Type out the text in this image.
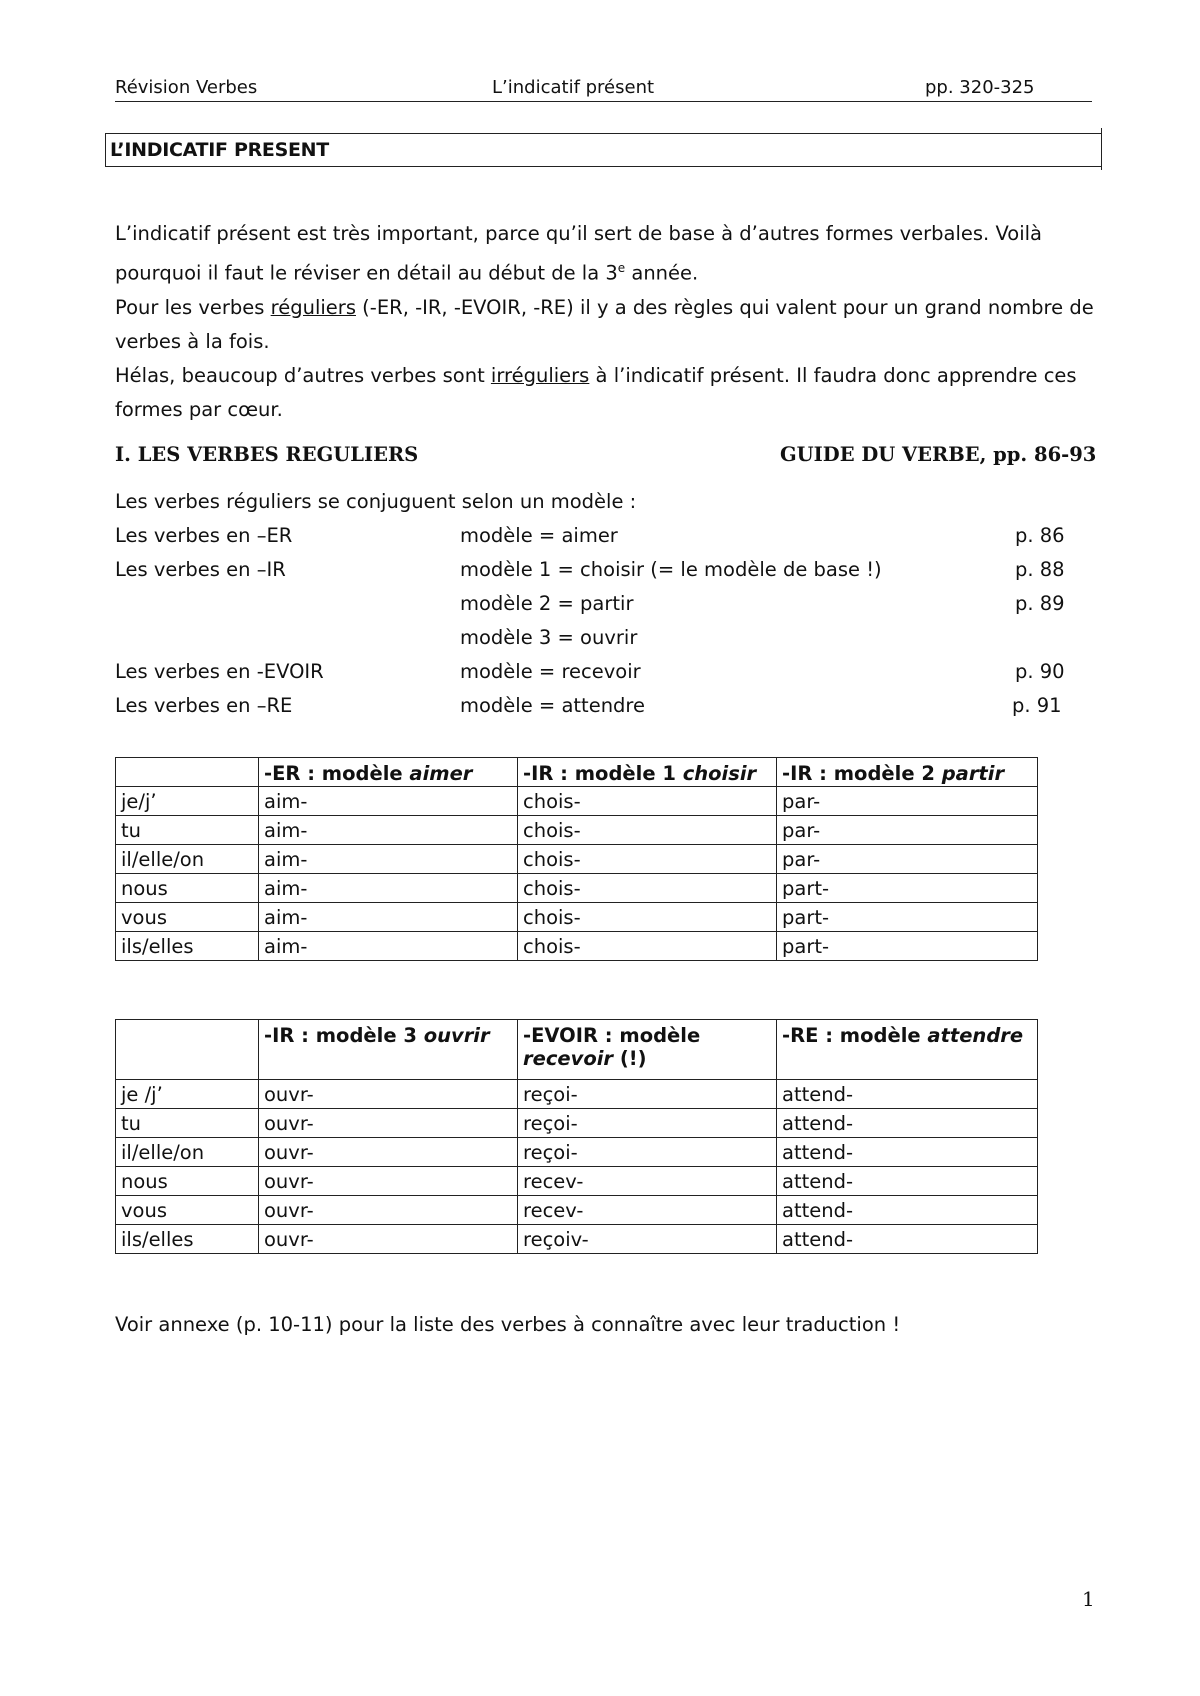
Révision Verbes	L’indicatif présent	pp. 320-325
L’INDICATIF PRESENT
L’indicatif présent est très important, parce qu’il sert de base à d’autres formes verbales. Voilà
pourquoi il faut le réviser en détail au début de la 3e année.
Pour les verbes réguliers (-ER, -IR, -EVOIR, -RE) il y a des règles qui valent pour un grand nombre de
verbes à la fois.
Hélas, beaucoup d’autres verbes sont irréguliers à l’indicatif présent. Il faudra donc apprendre ces
formes par cœur.
I. LES VERBES REGULIERS	GUIDE DU VERBE, pp. 86-93
Les verbes réguliers se conjuguent selon un modèle :
Les verbes en –ER	modèle = aimer	p. 86
Les verbes en –IR	modèle 1 = choisir (= le modèle de base !)	p. 88
modèle 2 = partir	p. 89
modèle 3 = ouvrir
Les verbes en -EVOIR	modèle = recevoir	p. 90
Les verbes en –RE	modèle = attendre	p. 91
	-ER : modèle aimer	-IR : modèle 1 choisir	-IR : modèle 2 partir
je/j’	aim-	chois-	par-
tu	aim-	chois-	par-
il/elle/on	aim-	chois-	par-
nous	aim-	chois-	part-
vous	aim-	chois-	part-
ils/elles	aim-	chois-	part-
	-IR : modèle 3 ouvrir	-EVOIR : modèle recevoir (!)	-RE : modèle attendre
je /j’	ouvr-	reçoi-	attend-
tu	ouvr-	reçoi-	attend-
il/elle/on	ouvr-	reçoi-	attend-
nous	ouvr-	recev-	attend-
vous	ouvr-	recev-	attend-
ils/elles	ouvr-	reçoiv-	attend-
Voir annexe (p. 10-11) pour la liste des verbes à connaître avec leur traduction !
1
